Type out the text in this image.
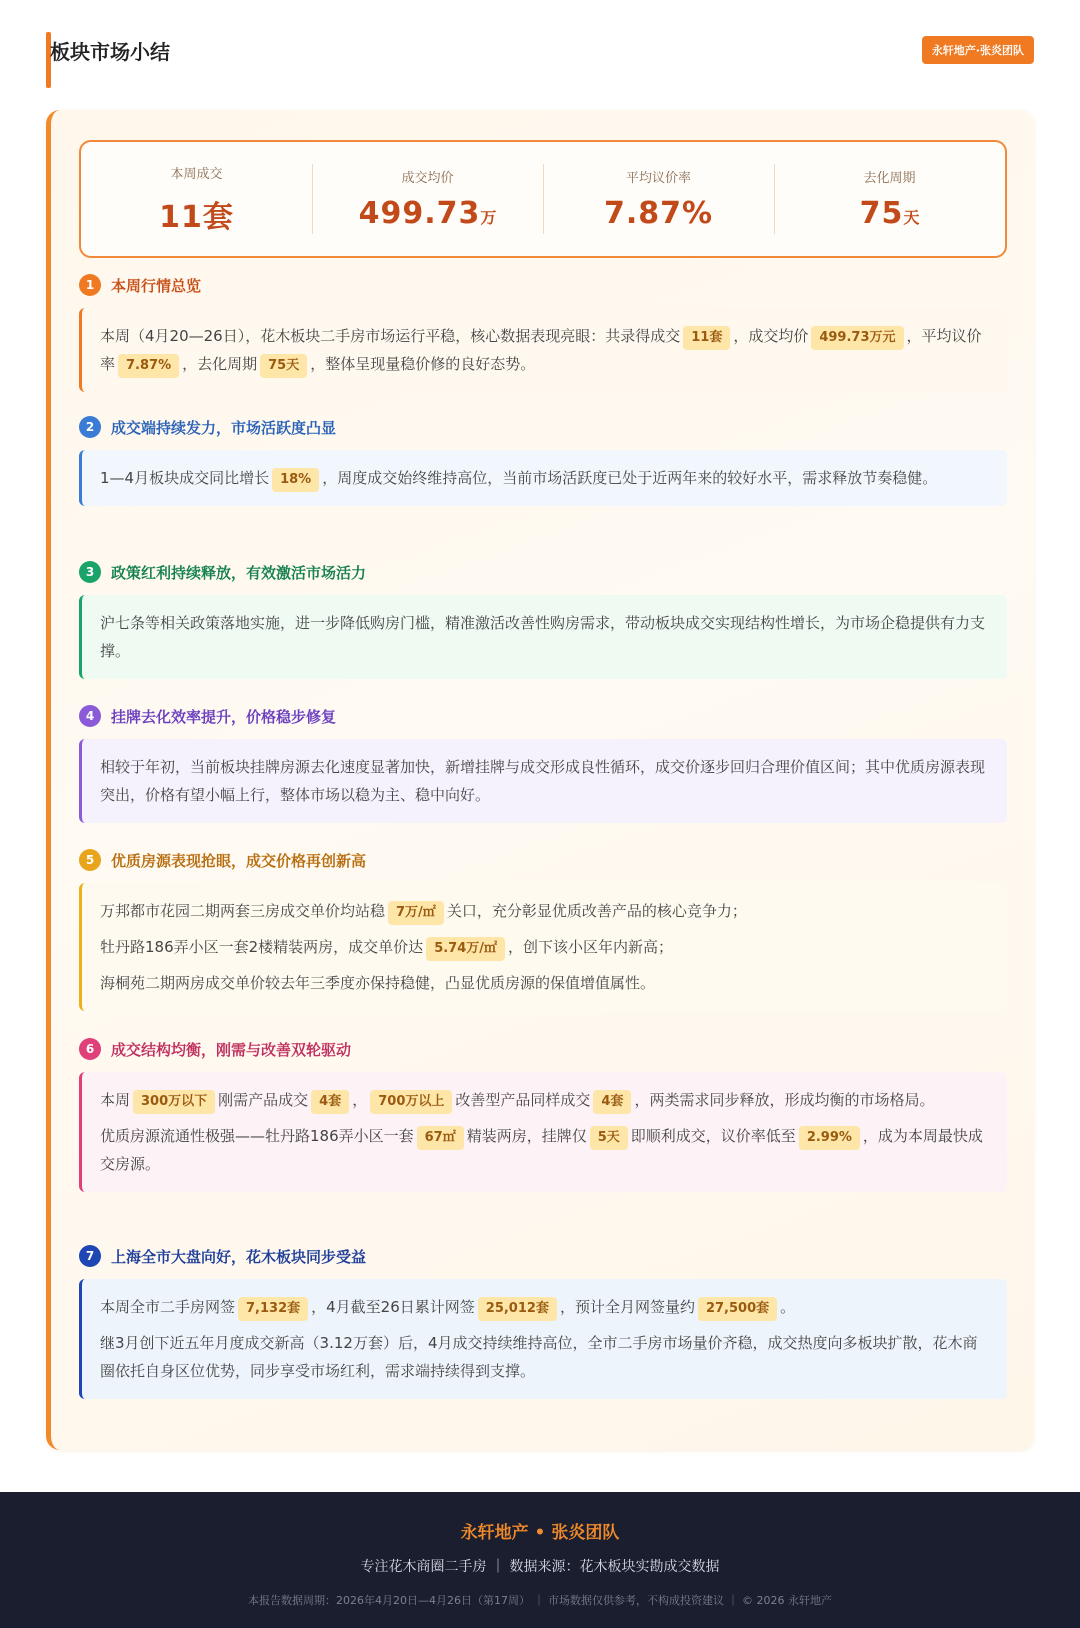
板块市场小结	永轩地产·张炎团队
本周成交
11套
成交均价
499.73万
平均议价率
7.87%
去化周期
75天
1	本周行情总览

本周（4月20—26日），花木板块二手房市场运行平稳，核心数据表现亮眼：共录得成交 11套 ，成交均价 499.73万元 ，平均议价率 7.87% ，去化周期 75天 ，整体呈现量稳价修的良好态势。

2	成交端持续发力，市场活跃度凸显

1—4月板块成交同比增长 18% ，周度成交始终维持高位，当前市场活跃度已处于近两年来的较好水平，需求释放节奏稳健。

3	政策红利持续释放，有效激活市场活力

沪七条等相关政策落地实施，进一步降低购房门槛，精准激活改善性购房需求，带动板块成交实现结构性增长，为市场企稳提供有力支撑。

4	挂牌去化效率提升，价格稳步修复

相较于年初，当前板块挂牌房源去化速度显著加快，新增挂牌与成交形成良性循环，成交价逐步回归合理价值区间；其中优质房源表现突出，价格有望小幅上行，整体市场以稳为主、稳中向好。

5	优质房源表现抢眼，成交价格再创新高

万邦都市花园二期两套三房成交单价均站稳 7万/㎡ 关口，充分彰显优质改善产品的核心竞争力；

牡丹路186弄小区一套2楼精装两房，成交单价达 5.74万/㎡ ，创下该小区年内新高；

海桐苑二期两房成交单价较去年三季度亦保持稳健，凸显优质房源的保值增值属性。

6	成交结构均衡，刚需与改善双轮驱动

本周 300万以下 刚需产品成交 4套 ， 700万以上 改善型产品同样成交 4套 ，两类需求同步释放，形成均衡的市场格局。

优质房源流通性极强——牡丹路186弄小区一套 67㎡ 精装两房，挂牌仅 5天 即顺利成交，议价率低至 2.99% ，成为本周最快成交房源。

7	上海全市大盘向好，花木板块同步受益

本周全市二手房网签 7,132套 ，4月截至26日累计网签 25,012套 ，预计全月网签量约 27,500套 。

继3月创下近五年月度成交新高（3.12万套）后，4月成交持续维持高位，全市二手房市场量价齐稳，成交热度向多板块扩散，花木商圈依托自身区位优势，同步享受市场红利，需求端持续得到支撑。

永轩地产 • 张炎团队
专注花木商圈二手房 ｜ 数据来源：花木板块实勘成交数据
本报告数据周期：2026年4月20日—4月26日（第17周） ｜ 市场数据仅供参考，不构成投资建议 ｜ © 2026 永轩地产
